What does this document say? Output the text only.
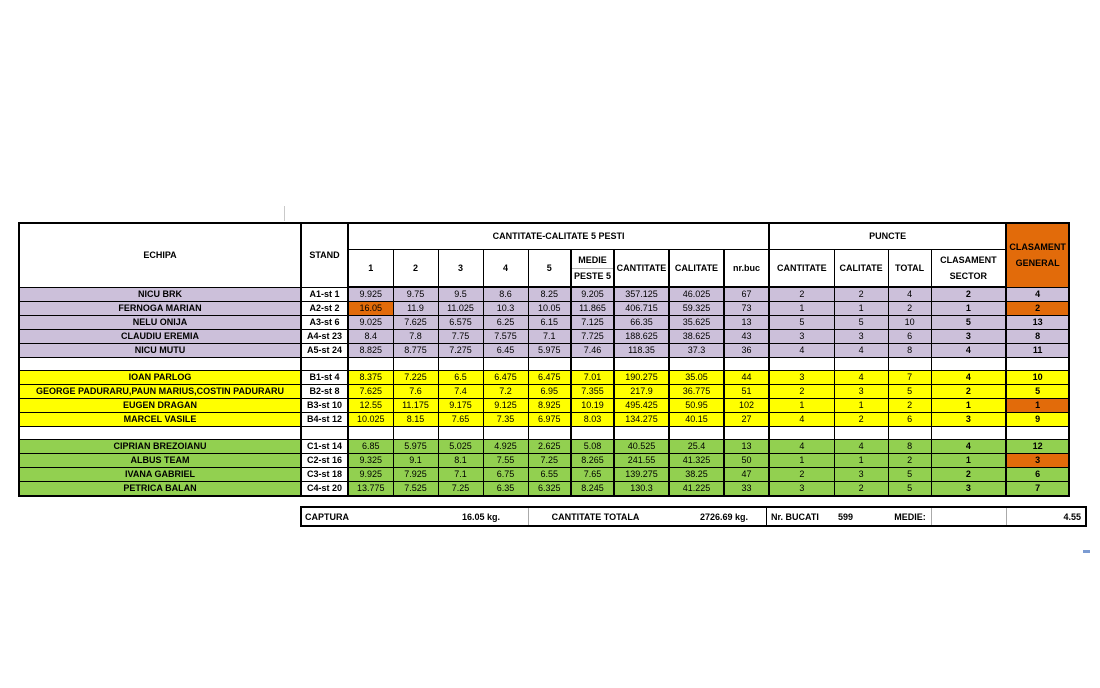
ECHIPA	STAND	CANTITATE-CALITATE 5 PESTI									PUNCTE				CLASAMENT
GENERAL

		1	2	3	4	5	MEDIE
PESTE 5	CANTITATE	CALITATE	nr.buc	CANTITATE	CALITATE	TOTAL	CLASAMENT
SECTOR	

NICU BRK	A1-st 1	9.925	9.75	9.5	8.6	8.25	9.205	357.125	46.025	67	2	2	4	2	4
FERNOGA MARIAN	A2-st 2	16.05	11.9	11.025	10.3	10.05	11.865	406.715	59.325	73	1	1	2	1	2
NELU ONIJA	A3-st 6	9.025	7.625	6.575	6.25	6.15	7.125	66.35	35.625	13	5	5	10	5	13
CLAUDIU EREMIA	A4-st 23	8.4	7.8	7.75	7.575	7.1	7.725	188.625	38.625	43	3	3	6	3	8
NICU MUTU	A5-st 24	8.825	8.775	7.275	6.45	5.975	7.46	118.35	37.3	36	4	4	8	4	11

IOAN PARLOG	B1-st 4	8.375	7.225	6.5	6.475	6.475	7.01	190.275	35.05	44	3	4	7	4	10
GEORGE PADURARU,PAUN MARIUS,COSTIN PADURARU	B2-st 8	7.625	7.6	7.4	7.2	6.95	7.355	217.9	36.775	51	2	3	5	2	5
EUGEN DRAGAN	B3-st 10	12.55	11.175	9.175	9.125	8.925	10.19	495.425	50.95	102	1	1	2	1	1
MARCEL VASILE	B4-st 12	10.025	8.15	7.65	7.35	6.975	8.03	134.275	40.15	27	4	2	6	3	9

CIPRIAN BREZOIANU	C1-st 14	6.85	5.975	5.025	4.925	2.625	5.08	40.525	25.4	13	4	4	8	4	12
ALBUS TEAM	C2-st 16	9.325	9.1	8.1	7.55	7.25	8.265	241.55	41.325	50	1	1	2	1	3
IVANA GABRIEL	C3-st 18	9.925	7.925	7.1	6.75	6.55	7.65	139.275	38.25	47	2	3	5	2	6
PETRICA BALAN	C4-st 20	13.775	7.525	7.25	6.35	6.325	8.245	130.3	41.225	33	3	2	5	3	7
CAPTURA	16.05 kg.	CANTITATE TOTALA	2726.69 kg.	Nr. BUCATI 599	MEDIE:	4.55
